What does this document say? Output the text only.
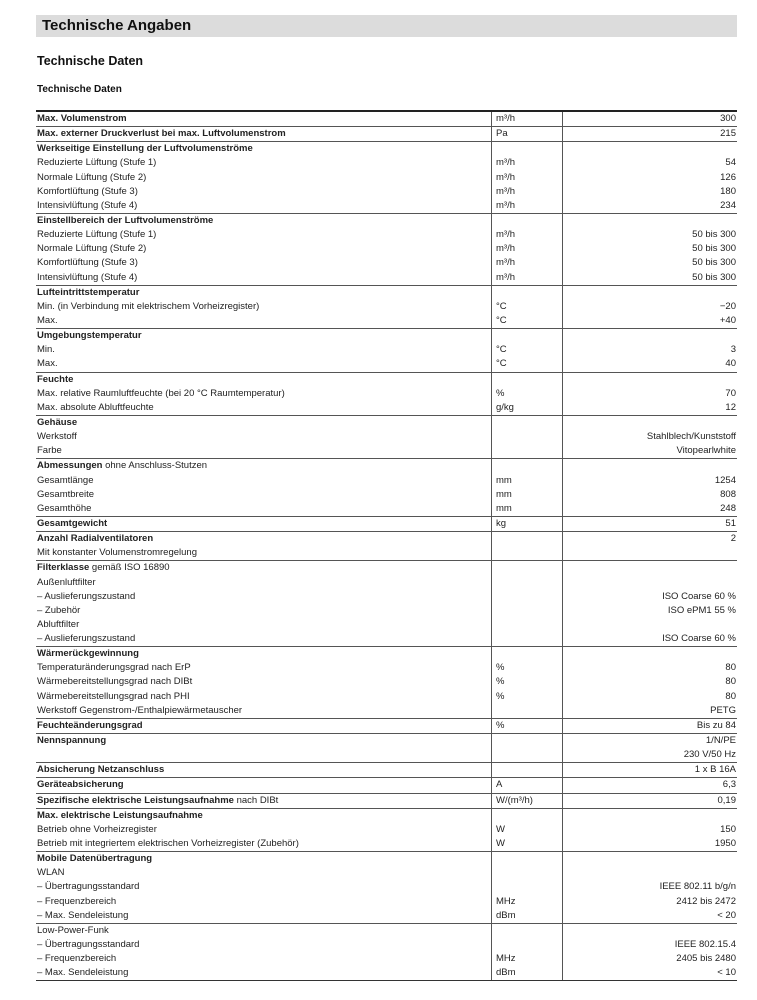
Technische Angaben
Technische Daten
Technische Daten
Max. Volumenstrom	m³/h	300
Max. externer Druckverlust bei max. Luftvolumenstrom	Pa	215
Werkseitige Einstellung der Luftvolumenströme
Reduzierte Lüftung (Stufe 1)	m³/h	54
Normale Lüftung (Stufe 2)	m³/h	126
Komfortlüftung (Stufe 3)	m³/h	180
Intensivlüftung (Stufe 4)	m³/h	234
Einstellbereich der Luftvolumenströme
Reduzierte Lüftung (Stufe 1)	m³/h	50 bis 300
Normale Lüftung (Stufe 2)	m³/h	50 bis 300
Komfortlüftung (Stufe 3)	m³/h	50 bis 300
Intensivlüftung (Stufe 4)	m³/h	50 bis 300
Lufteintrittstemperatur
Min. (in Verbindung mit elektrischem Vorheizregister)	°C	−20
Max.	°C	+40
Umgebungstemperatur
Min.	°C	3
Max.	°C	40
Feuchte
Max. relative Raumluftfeuchte (bei 20 °C Raumtemperatur)	%	70
Max. absolute Abluftfeuchte	g/kg	12
Gehäuse
Werkstoff	Stahlblech/Kunststoff
Farbe	Vitopearlwhite
Abmessungen ohne Anschluss-Stutzen
Gesamtlänge	mm	1254
Gesamtbreite	mm	808
Gesamthöhe	mm	248
Gesamtgewicht	kg	51
Anzahl Radialventilatoren	2
Mit konstanter Volumenstromregelung
Filterklasse gemäß ISO 16890
Außenluftfilter
– Auslieferungszustand	ISO Coarse 60 %
– Zubehör	ISO ePM1 55 %
Abluftfilter
– Auslieferungszustand	ISO Coarse 60 %
Wärmerückgewinnung
Temperaturänderungsgrad nach ErP	%	80
Wärmebereitstellungsgrad nach DIBt	%	80
Wärmebereitstellungsgrad nach PHI	%	80
Werkstoff Gegenstrom-/Enthalpiewärmetauscher	PETG
Feuchteänderungsgrad	%	Bis zu 84
Nennspannung	1/N/PE
230 V/50 Hz
Absicherung Netzanschluss	1 x B 16A
Geräteabsicherung	A	6,3
Spezifische elektrische Leistungsaufnahme nach DIBt	W/(m³/h)	0,19
Max. elektrische Leistungsaufnahme
Betrieb ohne Vorheizregister	W	150
Betrieb mit integriertem elektrischen Vorheizregister (Zubehör)	W	1950
Mobile Datenübertragung
WLAN
– Übertragungsstandard	IEEE 802.11 b/g/n
– Frequenzbereich	MHz	2412 bis 2472
– Max. Sendeleistung	dBm	< 20
Low-Power-Funk
– Übertragungsstandard	IEEE 802.15.4
– Frequenzbereich	MHz	2405 bis 2480
– Max. Sendeleistung	dBm	< 10
